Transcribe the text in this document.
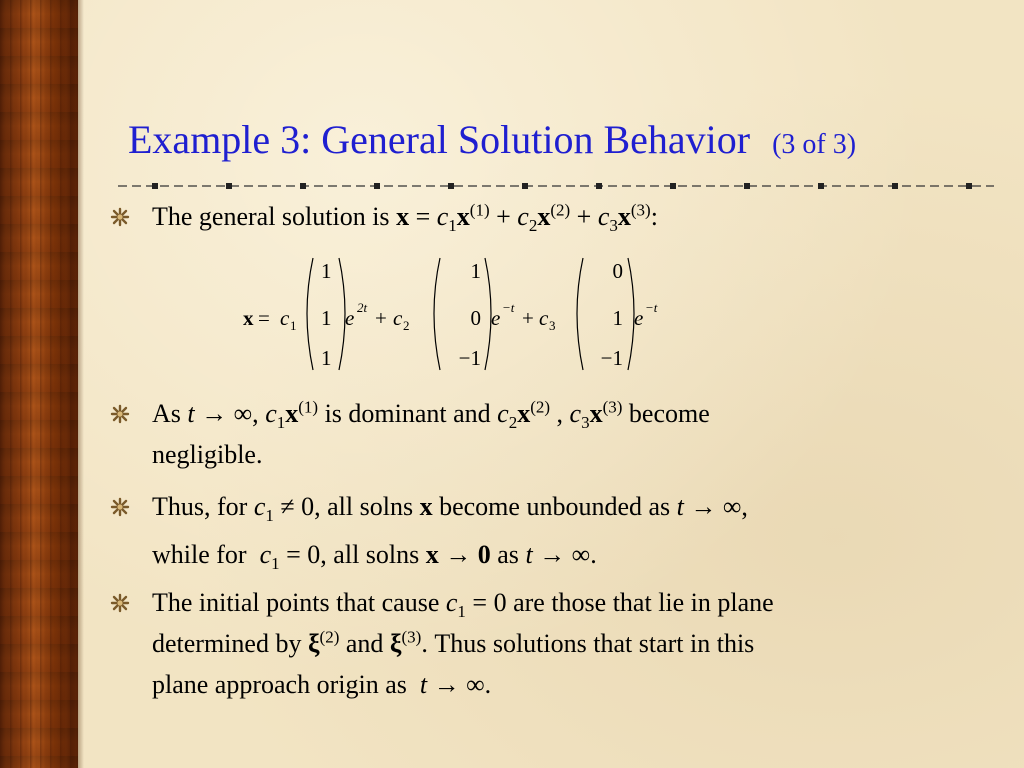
Example 3: General Solution Behavior (3 of 3)
The general solution is $x = c_1x^{(1)} + c_2x^{(2)} + c_3x^{(3)}$:
x = c 1
1
1
1
e 2t + c 2
1
0
−1
e −t + c 3
0
1
−1
e −t
As t → ∞, $c_1x^{(1)}$ is dominant and $c_2x^{(2)}$ , $c_3x^{(3)}$ become
negligible.
Thus, for $c_1 \ne 0$, all solns x become unbounded as t → ∞,
while for $c_1 = 0$, all solns x → 0 as t → ∞.
The initial points that cause $c_1 = 0$ are those that lie in plane
determined by $\xi^{(2)}$ and $\xi^{(3)}$. Thus solutions that start in this
plane approach origin as t → ∞.
